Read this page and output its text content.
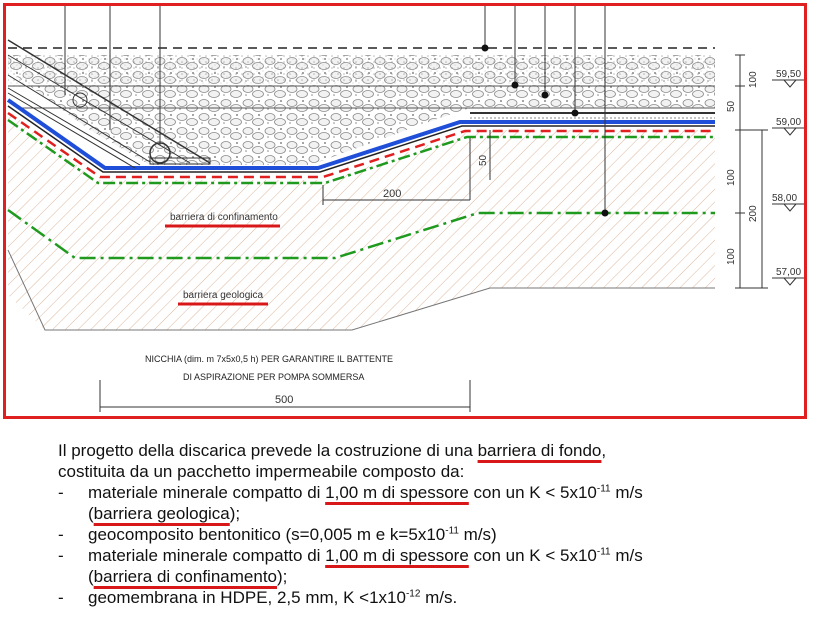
100
50
100
200
100
59,50
59,00
58,00
57,00
200
50
500
barriera di confinamento
barriera geologica
NICCHIA (dim. m 7x5x0,5 h) PER GARANTIRE IL BATTENTE
DI ASPIRAZIONE PER POMPA SOMMERSA

Il progetto della discarica prevede la costruzione di una barriera di fondo,

costituita da un pacchetto impermeabile composto da:

- materiale minerale compatto di 1,00 m di spessore con un $K < 5x10^{-11}$ m/s
(barriera geologica);
- geocomposito bentonitico (s=0,005 m e $k=5x10^{-11}$ m/s)
- materiale minerale compatto di 1,00 m di spessore con un $K < 5x10^{-11}$ m/s
(barriera di confinamento);
- geomembrana in HDPE, 2,5 mm, $K <1x10^{-12}$ m/s.
